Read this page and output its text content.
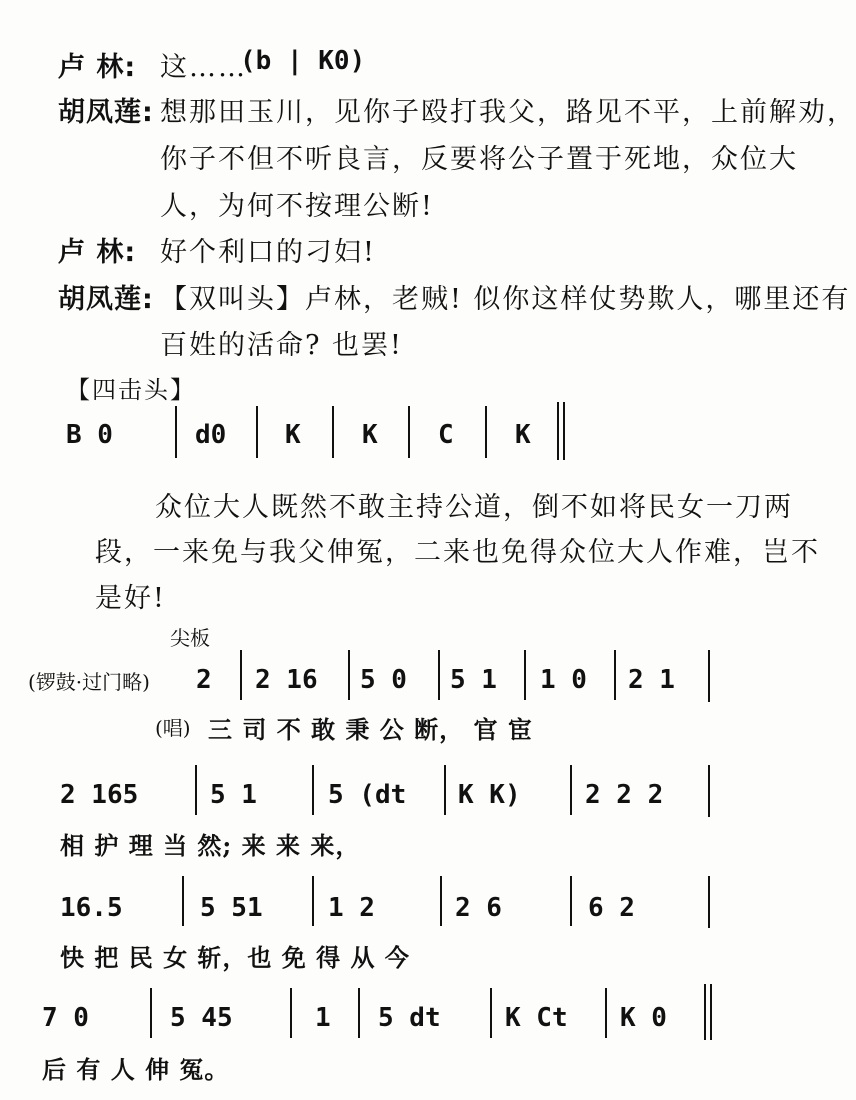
卢 林: 这……
(b | K0)
胡凤莲: 想那田玉川，见你子殴打我父，路见不平，上前解劝，
你子不但不听良言，反要将公子置于死地，众位大
人，为何不按理公断!
卢 林: 好个利口的刁妇!
胡凤莲: 【双叫头】卢林，老贼! 似你这样仗势欺人，哪里还有
百姓的活命? 也罢!
【四击头】
B 0	d0 K K C K
众位大人既然不敢主持公道，倒不如将民女一刀两
段，一来免与我父伸冤，二来也免得众位大人作难，岂不
是好!
尖板
(锣鼓·过门略) 2 2 16 5 0 5 1 1 0 2 1
(唱) 三 司 不 敢 秉 公 断， 官 宦
2 165	5 1	5 (dt K K) 2 2 2
相 护 理 当 然; 来 来 来，
16.5	5 51	1 2	2 6	6 2
快 把 民 女 斩，也 免 得 从 今
7 0	5 45	1 5 dt K Ct K 0
后 有 人 伸 冤。
